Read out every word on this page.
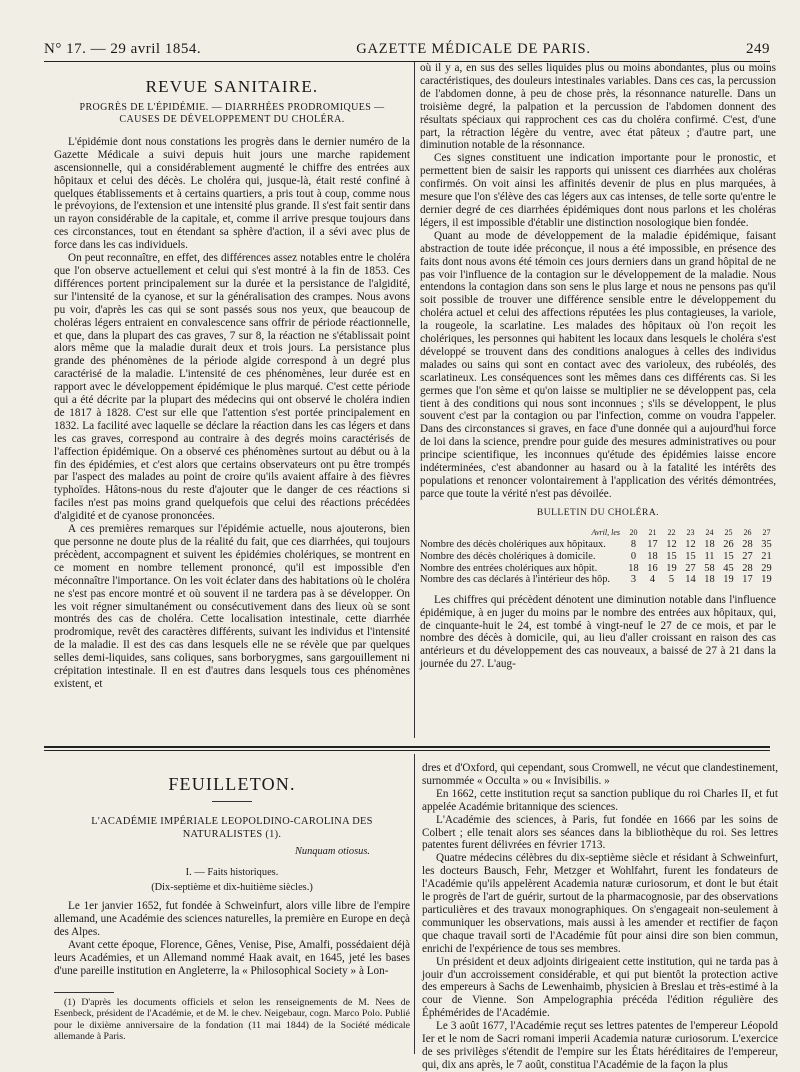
N° 17. — 29 avril 1854.	GAZETTE MÉDICALE DE PARIS.	249
REVUE SANITAIRE.
PROGRÈS DE L'ÉPIDÉMIE. — DIARRHÉES PRODROMIQUES —
CAUSES DE DÉVELOPPEMENT DU CHOLÉRA.

L'épidémie dont nous constations les progrès dans le dernier numéro de la Gazette Médicale a suivi depuis huit jours une marche rapidement ascensionnelle, qui a considérablement augmenté le chiffre des entrées aux hôpitaux et celui des décès. Le choléra qui, jusque-là, était resté confiné à quelques établissements et à certains quartiers, a pris tout à coup, comme nous le prévoyions, de l'extension et une intensité plus grande. Il s'est fait sentir dans un rayon considérable de la capitale, et, comme il arrive presque toujours dans ces circonstances, tout en étendant sa sphère d'action, il a sévi avec plus de force dans les cas individuels.

On peut reconnaître, en effet, des différences assez notables entre le choléra que l'on observe actuellement et celui qui s'est montré à la fin de 1853. Ces différences portent principalement sur la durée et la persistance de l'algidité, sur l'intensité de la cyanose, et sur la généralisation des crampes. Nous avons pu voir, d'après les cas qui se sont passés sous nos yeux, que beaucoup de choléras légers entraient en convalescence sans offrir de période réactionnelle, et que, dans la plupart des cas graves, 7 sur 8, la réaction ne s'établissait point alors même que la maladie durait deux et trois jours. La persistance plus grande des phénomènes de la période algide correspond à un degré plus caractérisé de la maladie. L'intensité de ces phénomènes, leur durée est en rapport avec le développement épidémique le plus marqué. C'est cette période qui a été décrite par la plupart des médecins qui ont observé le choléra indien de 1817 à 1828. C'est sur elle que l'attention s'est portée principalement en 1832. La facilité avec laquelle se déclare la réaction dans les cas légers et dans les cas graves, correspond au contraire à des degrés moins caractérisés de l'affection épidémique. On a observé ces phénomènes surtout au début ou à la fin des épidémies, et c'est alors que certains observateurs ont pu être trompés par l'aspect des malades au point de croire qu'ils avaient affaire à des fièvres typhoïdes. Hâtons-nous du reste d'ajouter que le danger de ces réactions si faciles n'est pas moins grand quelquefois que celui des réactions précédées d'algidité et de cyanose prononcées.

A ces premières remarques sur l'épidémie actuelle, nous ajouterons, bien que personne ne doute plus de la réalité du fait, que ces diarrhées, qui toujours précèdent, accompagnent et suivent les épidémies cholériques, se montrent en ce moment en nombre tellement prononcé, qu'il est impossible d'en méconnaître l'importance. On les voit éclater dans des habitations où le choléra ne s'est pas encore montré et où souvent il ne tardera pas à se développer. On les voit régner simultanément ou consécutivement dans des lieux où se sont montrés des cas de choléra. Cette localisation intestinale, cette diarrhée prodromique, revêt des caractères différents, suivant les individus et l'intensité de la maladie. Il est des cas dans lesquels elle ne se révèle que par quelques selles demi-liquides, sans coliques, sans borborygmes, sans gargouillement ni crépitation intestinale. Il en est d'autres dans lesquels tous ces phénomènes existent, et

où il y a, en sus des selles liquides plus ou moins abondantes, plus ou moins caractéristiques, des douleurs intestinales variables. Dans ces cas, la percussion de l'abdomen donne, à peu de chose près, la résonnance naturelle. Dans un troisième degré, la palpation et la percussion de l'abdomen donnent des résultats spéciaux qui rapprochent ces cas du choléra confirmé. C'est, d'une part, la rétraction légère du ventre, avec état pâteux ; d'autre part, une diminution notable de la résonnance.

Ces signes constituent une indication importante pour le pronostic, et permettent bien de saisir les rapports qui unissent ces diarrhées aux choléras confirmés. On voit ainsi les affinités devenir de plus en plus marquées, à mesure que l'on s'élève des cas légers aux cas intenses, de telle sorte qu'entre le dernier degré de ces diarrhées épidémiques dont nous parlons et les choléras légers, il est impossible d'établir une distinction nosologique bien fondée.

Quant au mode de développement de la maladie épidémique, faisant abstraction de toute idée préconçue, il nous a été impossible, en présence des faits dont nous avons été témoin ces jours derniers dans un grand hôpital de ne pas voir l'influence de la contagion sur le développement de la maladie. Nous entendons la contagion dans son sens le plus large et nous ne pensons pas qu'il soit possible de trouver une différence sensible entre le développement du choléra actuel et celui des affections réputées les plus contagieuses, la variole, la rougeole, la scarlatine. Les malades des hôpitaux où l'on reçoit les cholériques, les personnes qui habitent les locaux dans lesquels le choléra s'est développé se trouvent dans des conditions analogues à celles des individus malades ou sains qui sont en contact avec des varioleux, des rubéolés, des scarlatineux. Les conséquences sont les mêmes dans ces différents cas. Si les germes que l'on sème et qu'on laisse se multiplier ne se développent pas, cela tient à des conditions qui nous sont inconnues ; s'ils se développent, le plus souvent c'est par la contagion ou par l'infection, comme on voudra l'appeler. Dans des circonstances si graves, en face d'une donnée qui a aujourd'hui force de loi dans la science, prendre pour guide des mesures administratives ou pour principe scientifique, les inconnues qu'étude des épidémies laisse encore indéterminées, c'est abandonner au hasard ou à la fatalité les intérêts des populations et renoncer volontairement à l'application des vérités démontrées, parce que toute la vérité n'est pas dévoilée.

BULLETIN DU CHOLÉRA.
Avril, les	20	21	22	23	24	25	26	27
Nombre des décès cholériques aux hôpitaux.	8	17	12	12	18	26	28	35
Nombre des décès cholériques à domicile.	0	18	15	15	11	15	27	21
Nombre des entrées cholériques aux hôpit.	18	16	19	27	58	45	28	29
Nombre des cas déclarés à l'intérieur des hôp.	3	4	5	14	18	19	17	19

Les chiffres qui précèdent dénotent une diminution notable dans l'influence épidémique, à en juger du moins par le nombre des entrées aux hôpitaux, qui, de cinquante-huit le 24, est tombé à vingt-neuf le 27 de ce mois, et par le nombre des décès à domicile, qui, au lieu d'aller croissant en raison des cas antérieurs et du développement des cas nouveaux, a baissé de 27 à 21 dans la journée du 27. L'aug-

FEUILLETON.
L'ACADÉMIE IMPÉRIALE LEOPOLDINO-CAROLINA DES NATURALISTES (1).
Nunquam otiosus.
I. — Faits historiques.
(Dix-septième et dix-huitième siècles.)

Le 1er janvier 1652, fut fondée à Schweinfurt, alors ville libre de l'empire allemand, une Académie des sciences naturelles, la première en Europe en deçà des Alpes.

Avant cette époque, Florence, Gênes, Venise, Pise, Amalfi, possédaient déjà leurs Académies, et un Allemand nommé Haak avait, en 1645, jeté les bases d'une pareille institution en Angleterre, la « Philosophical Society » à Lon-

(1) D'après les documents officiels et selon les renseignements de M. Nees de Esenbeck, président de l'Académie, et de M. le chev. Neigebaur, cogn. Marco Polo. Publié pour le dixième anniversaire de la fondation (11 mai 1844) de la Société médicale allemande à Paris.

dres et d'Oxford, qui cependant, sous Cromwell, ne vécut que clandestinement, surnommée « Occulta » ou « Invisibilis. »

En 1662, cette institution reçut sa sanction publique du roi Charles II, et fut appelée Académie britannique des sciences.

L'Académie des sciences, à Paris, fut fondée en 1666 par les soins de Colbert ; elle tenait alors ses séances dans la bibliothèque du roi. Ses lettres patentes furent délivrées en février 1713.

Quatre médecins célèbres du dix-septième siècle et résidant à Schweinfurt, les docteurs Bausch, Fehr, Metzger et Wohlfahrt, furent les fondateurs de l'Académie qu'ils appelèrent Academia naturæ curiosorum, et dont le but était le progrès de l'art de guérir, surtout de la pharmacognosie, par des observations particulières et des travaux monographiques. On s'engageait non-seulement à communiquer les observations, mais aussi à les amender et rectifier de façon que chaque travail sorti de l'Académie fût pour ainsi dire son bien commun, enrichi de l'expérience de tous ses membres.

Un président et deux adjoints dirigeaient cette institution, qui ne tarda pas à jouir d'un accroissement considérable, et qui put bientôt la protection active des empereurs à Sachs de Lewenhaimb, physicien à Breslau et très-estimé à la cour de Vienne. Son Ampelographia précéda l'édition régulière des Éphémérides de l'Académie.

Le 3 août 1677, l'Académie reçut ses lettres patentes de l'empereur Léopold Ier et le nom de Sacri romani imperii Academia naturæ curiosorum. L'exercice de ses privilèges s'étendit de l'empire sur les États héréditaires de l'empereur, qui, dix ans après, le 7 août, constitua l'Académie de la façon la plus
